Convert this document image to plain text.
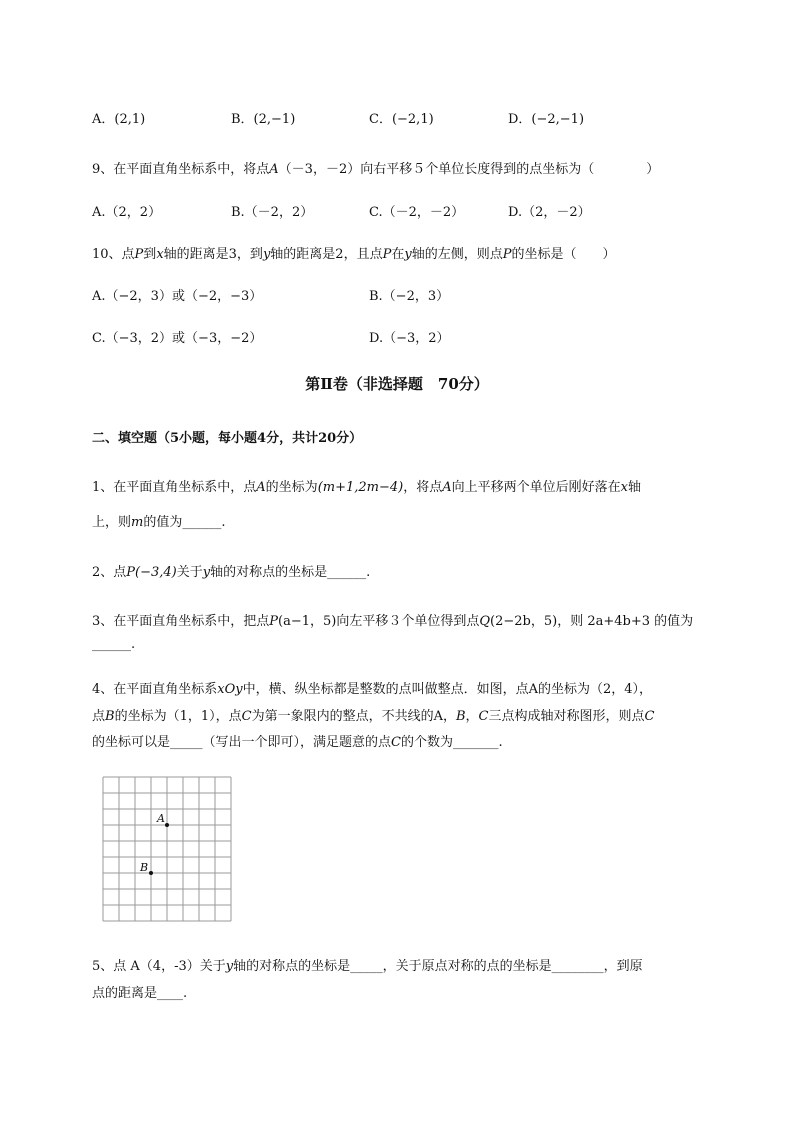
A．(2,1)	B．(2,−1)	C．(−2,1)	D．(−2,−1)
9、在平面直角坐标系中，将点A（－3，－2）向右平移５个单位长度得到的点坐标为（　　　　）
A.（2，2）	B.（－2，2）	C.（－2，－2）	D.（2，－2）
10、点P到x轴的距离是3，到y轴的距离是2，且点P在y轴的左侧，则点P的坐标是（　　）
A.（−2，3）或（−2，−3）	B.（−2，3）
C.（−3，2）或（−3，−2）	D.（−3，2）
第Ⅱ卷（非选择题　70分）
二、填空题（5小题，每小题4分，共计20分）
1、在平面直角坐标系中，点A的坐标为(m+1,2m−4)，将点A向上平移两个单位后刚好落在x轴
上，则m的值为______.
2、点P(−3,4)关于y轴的对称点的坐标是______.
3、在平面直角坐标系中，把点P(a−1，5)向左平移３个单位得到点Q(2−2b，5)，则 2a+4b+3 的值为
______.
4、在平面直角坐标系xOy中，横、纵坐标都是整数的点叫做整点．如图，点A的坐标为（2，4），
点B的坐标为（1，1），点C为第一象限内的整点，不共线的A，B，C三点构成轴对称图形，则点C
的坐标可以是_____（写出一个即可），满足题意的点C的个数为_______.
A
B
5、点 A（4，-3）关于y轴的对称点的坐标是_____，关于原点对称的点的坐标是________，到原
点的距离是____.
